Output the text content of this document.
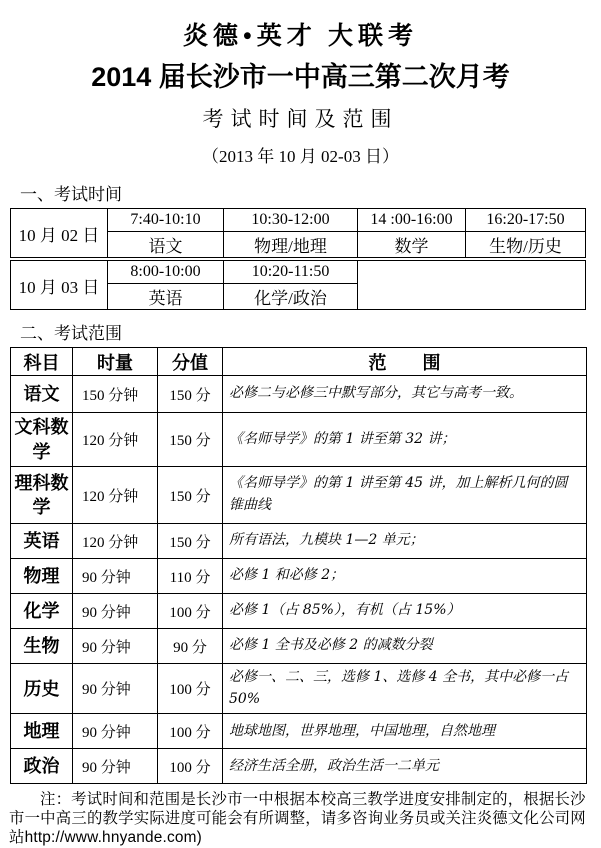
炎德•英才 大联考
2014 届长沙市一中高三第二次月考
考试时间及范围
（2013 年 10 月 02-03 日）
一、考试时间
10 月 02 日	7:40-10:10	10:30-12:00	14 :00-16:00	16:20-17:50
	语文	物理/地理	数学	生物/历史
10 月 03 日	8:00-10:00	10:20-11:50		
	英语	化学/政治		
二、考试范围
科目	时量	分值	范　　围
语文	150 分钟	150 分	必修二与必修三中默写部分，其它与高考一致。
文科数学	120 分钟	150 分	《名师导学》的第 1 讲至第 32 讲；
理科数学	120 分钟	150 分	《名师导学》的第 1 讲至第 45 讲，加上解析几何的圆锥曲线
英语	120 分钟	150 分	所有语法，九模块 1—2 单元；
物理	90 分钟	110 分	必修 1 和必修 2；
化学	90 分钟	100 分	必修 1（占 85%），有机（占 15%）
生物	90 分钟	90 分	必修 1 全书及必修 2 的减数分裂
历史	90 分钟	100 分	必修一、二、三，选修 1、选修 4 全书，其中必修一占 50%
地理	90 分钟	100 分	地球地图，世界地理，中国地理，自然地理
政治	90 分钟	100 分	经济生活全册，政治生活一二单元
注：考试时间和范围是长沙市一中根据本校高三教学进度安排制定的，根据长沙市一中高三的教学实际进度可能会有所调整，请多咨询业务员或关注炎德文化公司网站http://www.hnyande.com)
